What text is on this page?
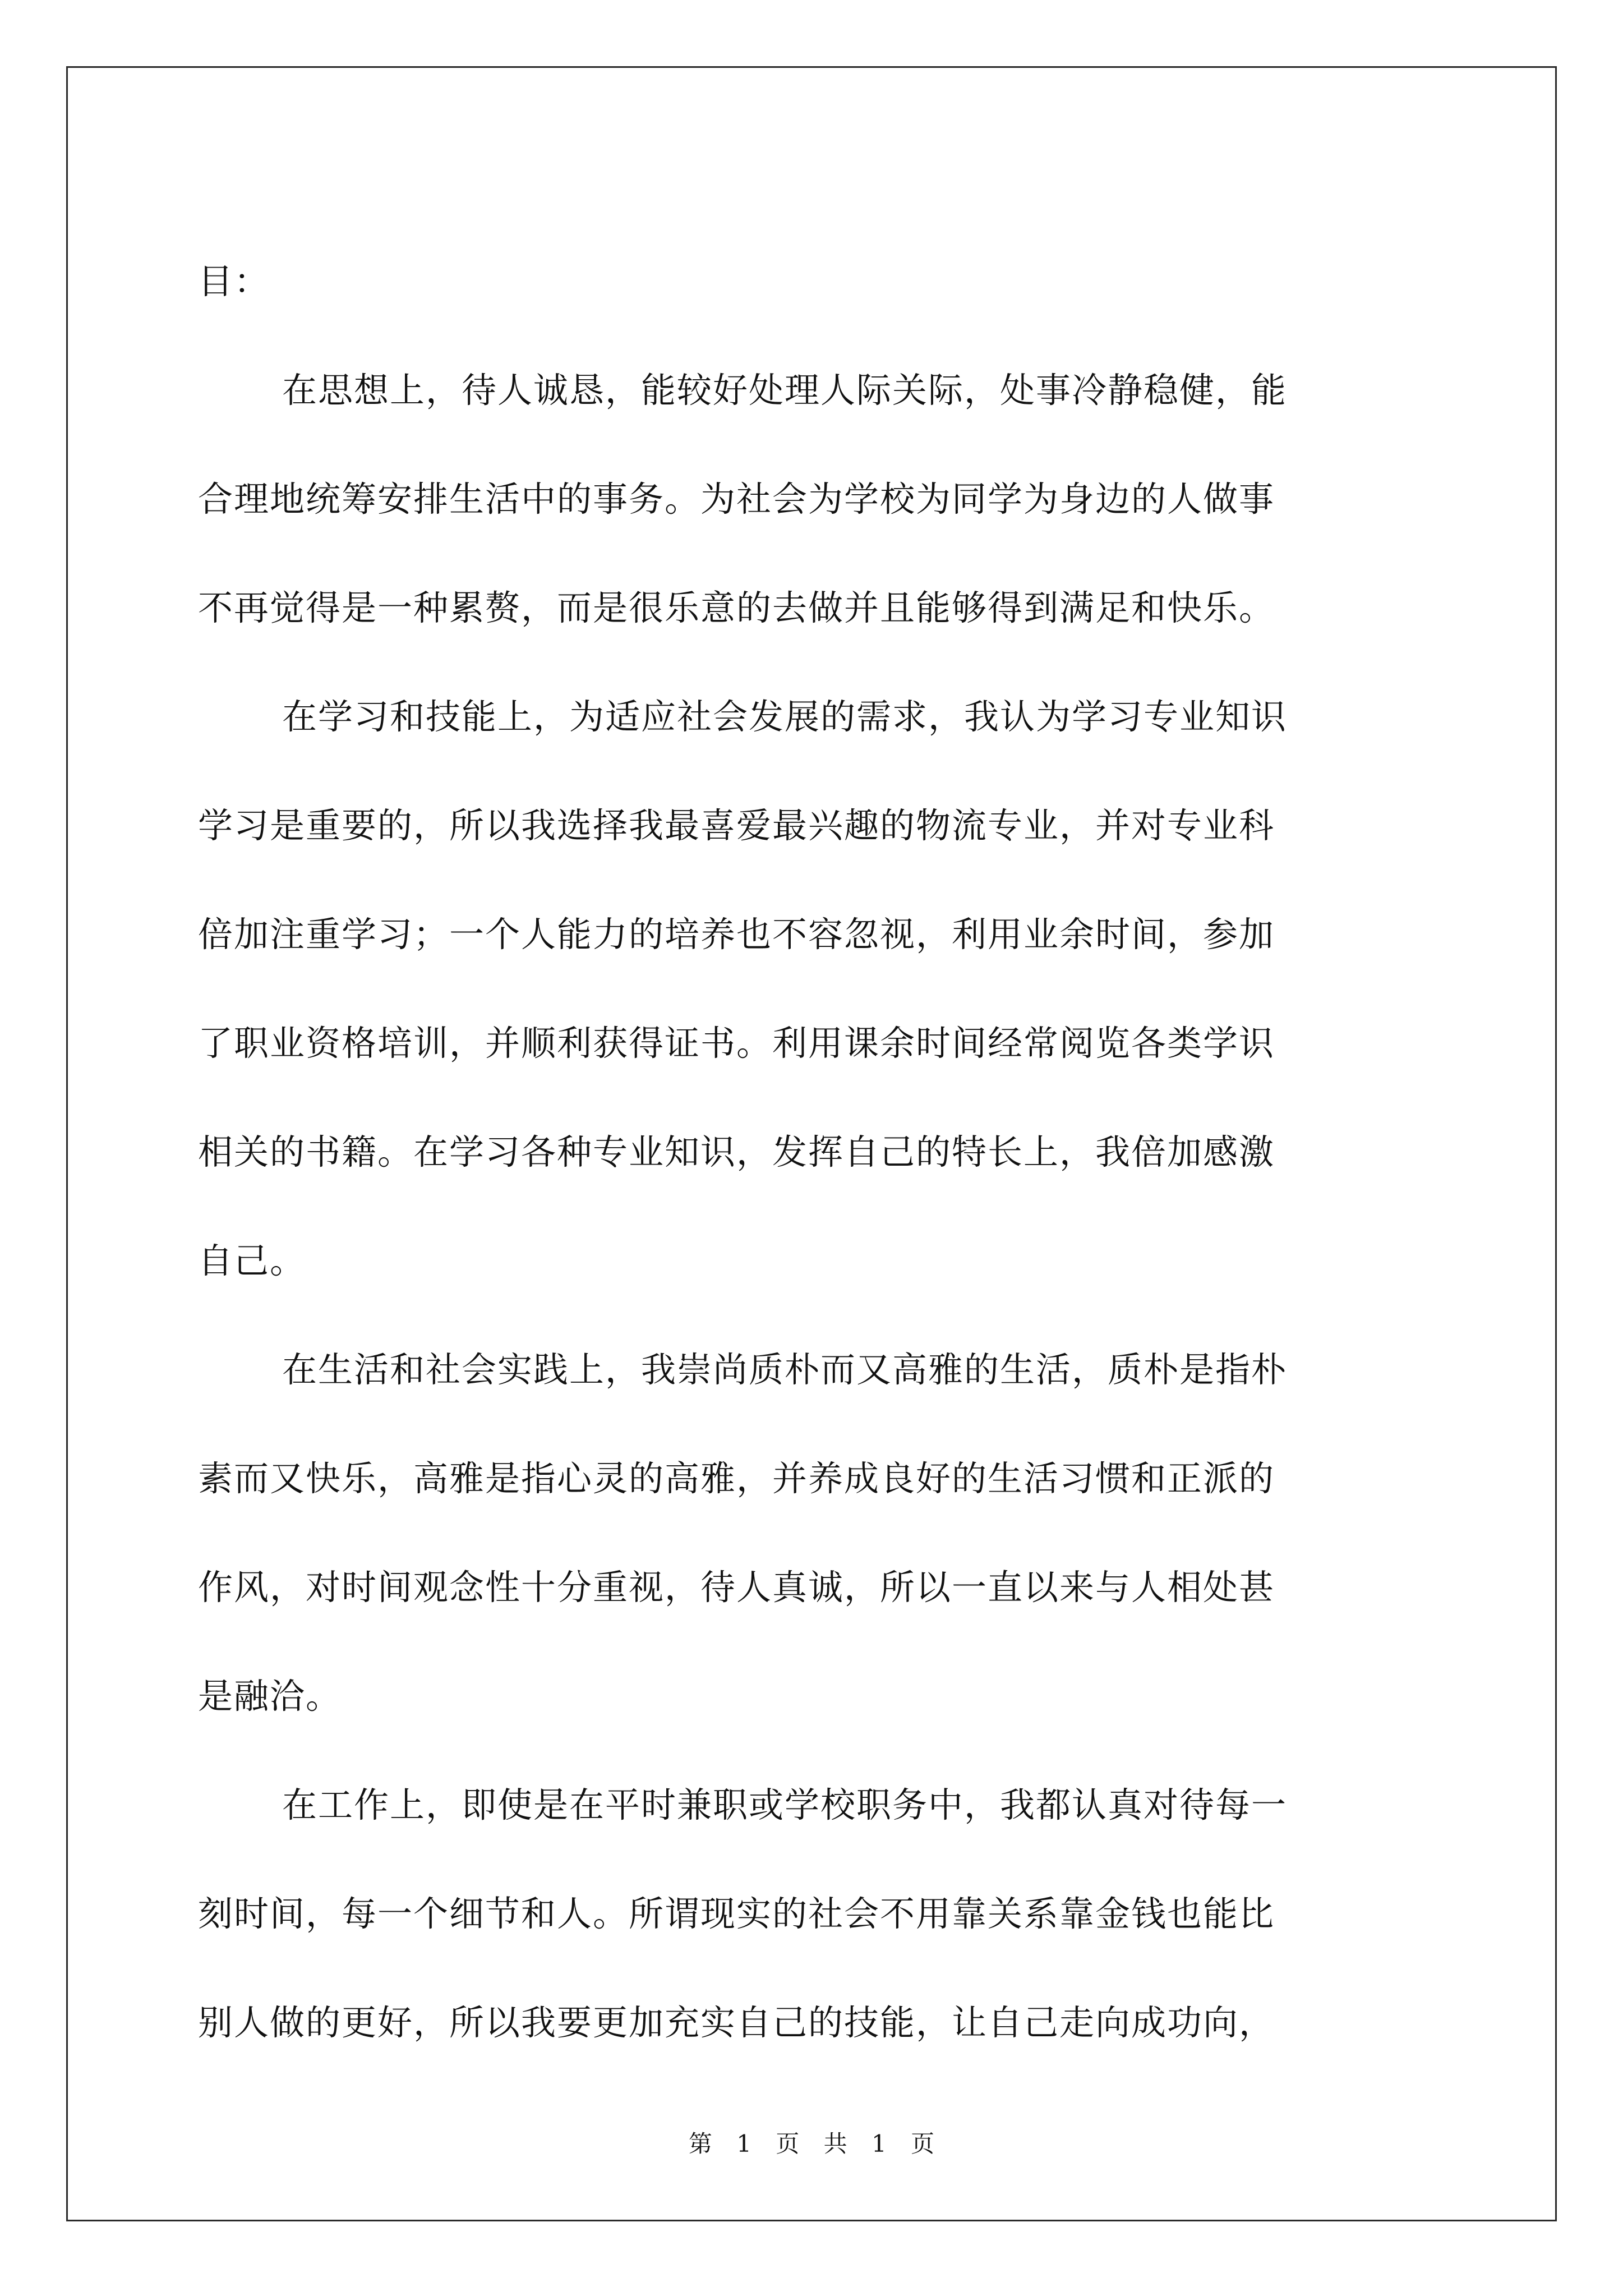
目：
在思想上，待人诚恳，能较好处理人际关际，处事冷静稳健，能
合理地统筹安排生活中的事务。为社会为学校为同学为身边的人做事
不再觉得是一种累赘，而是很乐意的去做并且能够得到满足和快乐。
在学习和技能上，为适应社会发展的需求，我认为学习专业知识
学习是重要的，所以我选择我最喜爱最兴趣的物流专业，并对专业科
倍加注重学习；一个人能力的培养也不容忽视，利用业余时间，参加
了职业资格培训，并顺利获得证书。利用课余时间经常阅览各类学识
相关的书籍。在学习各种专业知识，发挥自己的特长上，我倍加感激
自己。
在生活和社会实践上，我崇尚质朴而又高雅的生活，质朴是指朴
素而又快乐，高雅是指心灵的高雅，并养成良好的生活习惯和正派的
作风，对时间观念性十分重视，待人真诚，所以一直以来与人相处甚
是融洽。
在工作上，即使是在平时兼职或学校职务中，我都认真对待每一
刻时间，每一个细节和人。所谓现实的社会不用靠关系靠金钱也能比
别人做的更好，所以我要更加充实自己的技能，让自己走向成功向，
第 1 页 共 1 页
